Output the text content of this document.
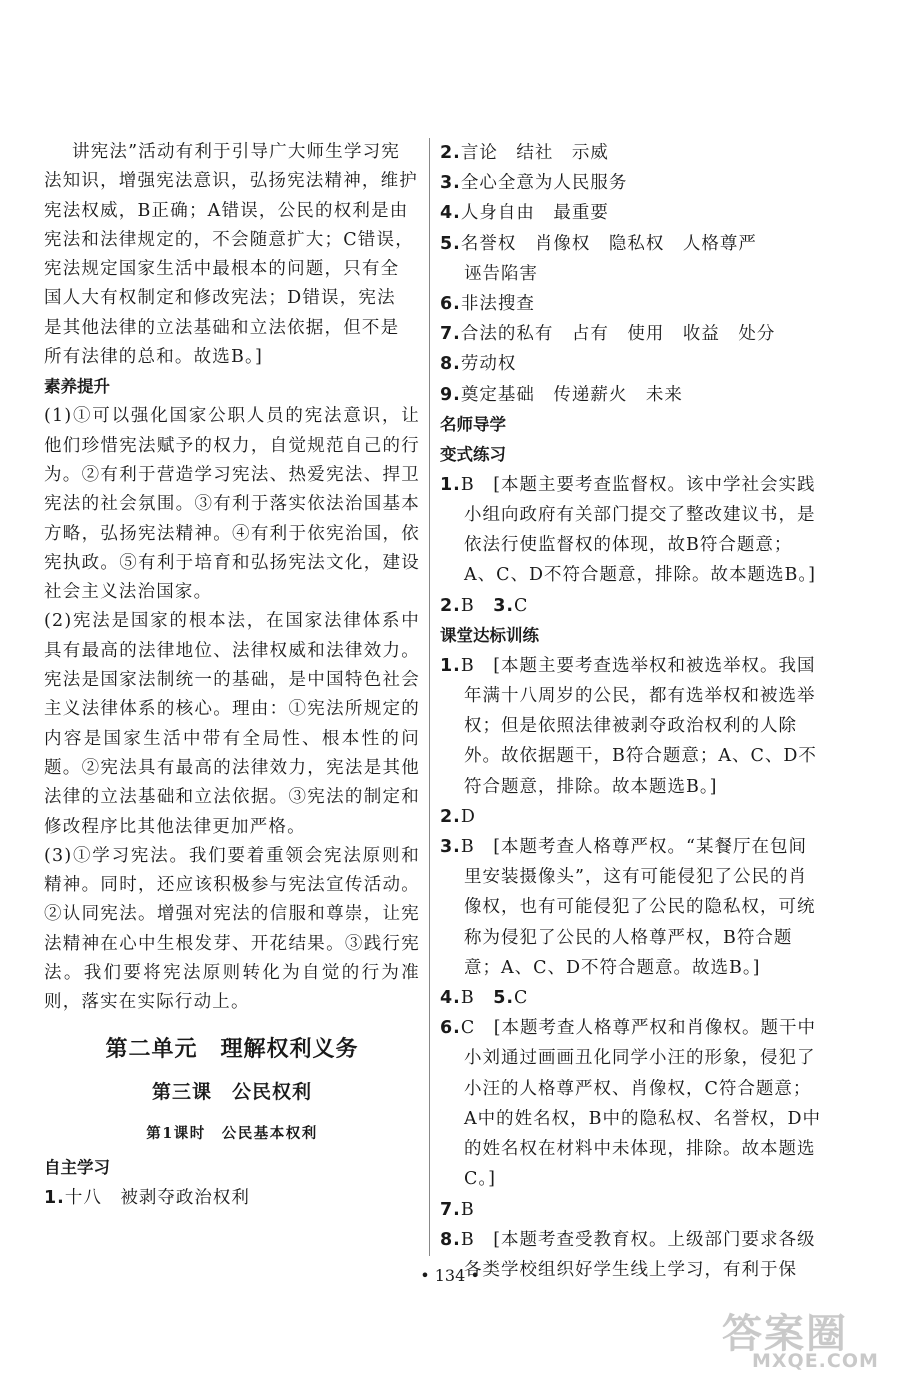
讲宪法”活动有利于引导广大师生学习宪

法知识，增强宪法意识，弘扬宪法精神，维护

宪法权威，B正确；A错误，公民的权利是由

宪法和法律规定的，不会随意扩大；C错误，

宪法规定国家生活中最根本的问题，只有全

国人大有权制定和修改宪法；D错误，宪法

是其他法律的立法基础和立法依据，但不是

所有法律的总和。故选B。]

素养提升

(1)①可以强化国家公职人员的宪法意识，让他们珍惜宪法赋予的权力，自觉规范自己的行为。②有利于营造学习宪法、热爱宪法、捍卫宪法的社会氛围。③有利于落实依法治国基本方略，弘扬宪法精神。④有利于依宪治国，依宪执政。⑤有利于培育和弘扬宪法文化，建设社会主义法治国家。

(2)宪法是国家的根本法，在国家法律体系中具有最高的法律地位、法律权威和法律效力。宪法是国家法制统一的基础，是中国特色社会主义法律体系的核心。理由：①宪法所规定的内容是国家生活中带有全局性、根本性的问题。②宪法具有最高的法律效力，宪法是其他法律的立法基础和立法依据。③宪法的制定和修改程序比其他法律更加严格。

(3)①学习宪法。我们要着重领会宪法原则和精神。同时，还应该积极参与宪法宣传活动。②认同宪法。增强对宪法的信服和尊崇，让宪法精神在心中生根发芽、开花结果。③践行宪法。我们要将宪法原则转化为自觉的行为准则，落实在实际行动上。

第二单元　理解权利义务
第三课　公民权利
第1课时　公民基本权利

自主学习

1.十八　被剥夺政治权利

2.言论　结社　示威

3.全心全意为人民服务

4.人身自由　最重要

5.名誉权　肖像权　隐私权　人格尊严
诬告陷害

6.非法搜查

7.合法的私有　占有　使用　收益　处分

8.劳动权

9.奠定基础　传递薪火　未来

名师导学

变式练习

1.B　[本题主要考查监督权。该中学社会实践小组向政府有关部门提交了整改建议书，是依法行使监督权的体现，故B符合题意；A、C、D不符合题意，排除。故本题选B。]

2.B　3.C

课堂达标训练

1.B　[本题主要考查选举权和被选举权。我国年满十八周岁的公民，都有选举权和被选举权；但是依照法律被剥夺政治权利的人除外。故依据题干，B符合题意；A、C、D不符合题意，排除。故本题选B。]

2.D

3.B　[本题考查人格尊严权。“某餐厅在包间里安装摄像头”，这有可能侵犯了公民的肖像权，也有可能侵犯了公民的隐私权，可统称为侵犯了公民的人格尊严权，B符合题意；A、C、D不符合题意。故选B。]

4.B　5.C

6.C　[本题考查人格尊严权和肖像权。题干中小刘通过画画丑化同学小汪的形象，侵犯了小汪的人格尊严权、肖像权，C符合题意；A中的姓名权，B中的隐私权、名誉权，D中的姓名权在材料中未体现，排除。故本题选C。]

7.B

8.B　[本题考查受教育权。上级部门要求各级各类学校组织好学生线上学习，有利于保

• 134 •
答案圈
MXQE.COM
